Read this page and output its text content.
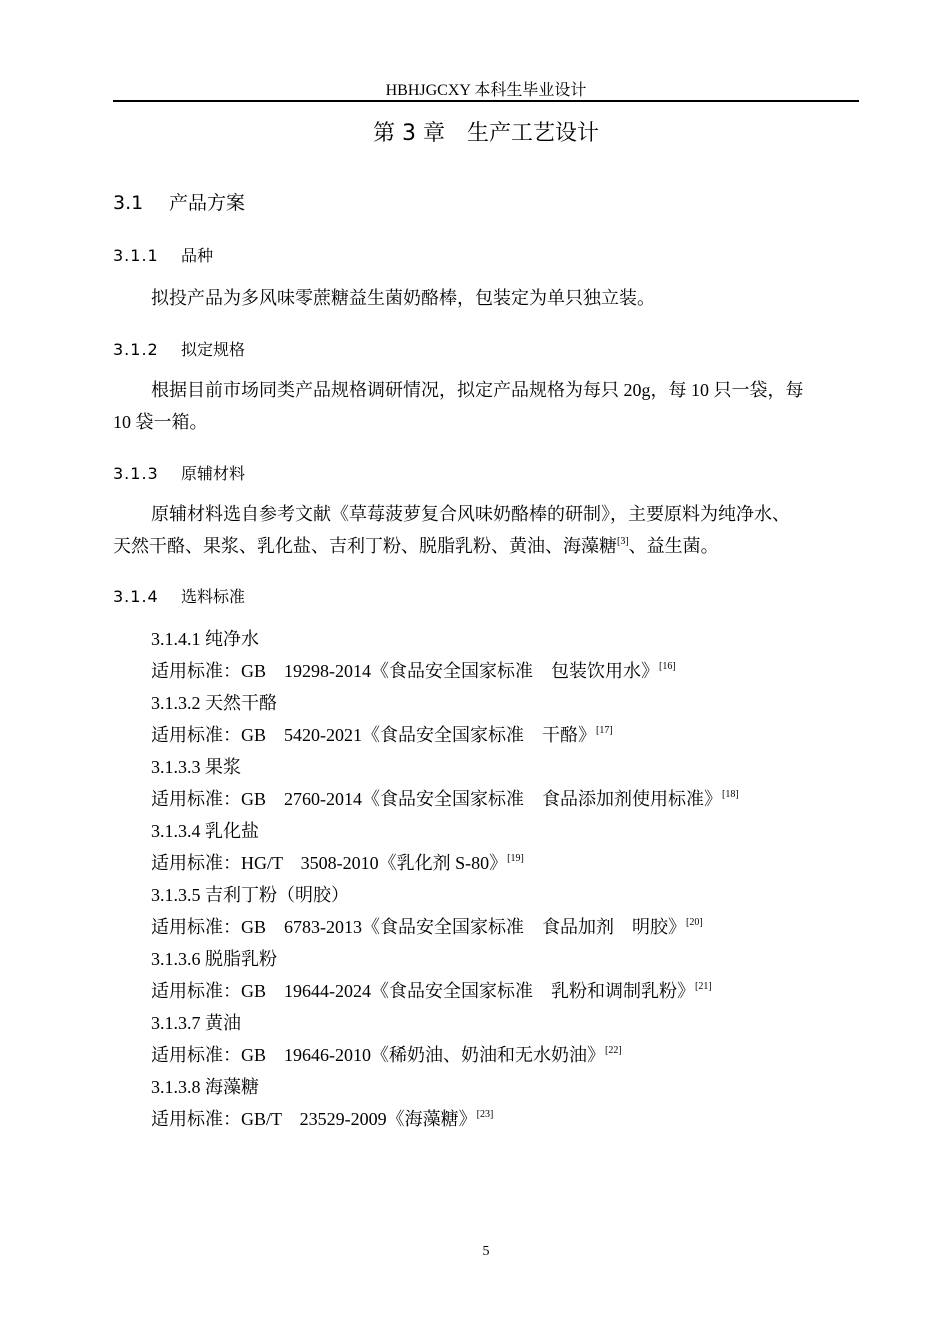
HBHJGCXY 本科生毕业设计
第 3 章　生产工艺设计
3.1 产品方案
3.1.1 品种
拟投产品为多风味零蔗糖益生菌奶酪棒，包装定为单只独立装。
3.1.2 拟定规格
根据目前市场同类产品规格调研情况，拟定产品规格为每只 20g，每 10 只一袋，每
10 袋一箱。
3.1.3 原辅材料
原辅材料选自参考文献《草莓菠萝复合风味奶酪棒的研制》，主要原料为纯净水、
天然干酪、果浆、乳化盐、吉利丁粉、脱脂乳粉、黄油、海藻糖[3]、益生菌。
3.1.4 选料标准
3.1.4.1 纯净水
适用标准：GB　19298-2014《食品安全国家标准　包装饮用水》[16]
3.1.3.2 天然干酪
适用标准：GB　5420-2021《食品安全国家标准　干酪》[17]
3.1.3.3 果浆
适用标准：GB　2760-2014《食品安全国家标准　食品添加剂使用标准》[18]
3.1.3.4 乳化盐
适用标准：HG/T　3508-2010《乳化剂 S-80》[19]
3.1.3.5 吉利丁粉（明胶）
适用标准：GB　6783-2013《食品安全国家标准　食品加剂　明胶》[20]
3.1.3.6 脱脂乳粉
适用标准：GB　19644-2024《食品安全国家标准　乳粉和调制乳粉》[21]
3.1.3.7 黄油
适用标准：GB　19646-2010《稀奶油、奶油和无水奶油》[22]
3.1.3.8 海藻糖
适用标准：GB/T　23529-2009《海藻糖》[23]
5
